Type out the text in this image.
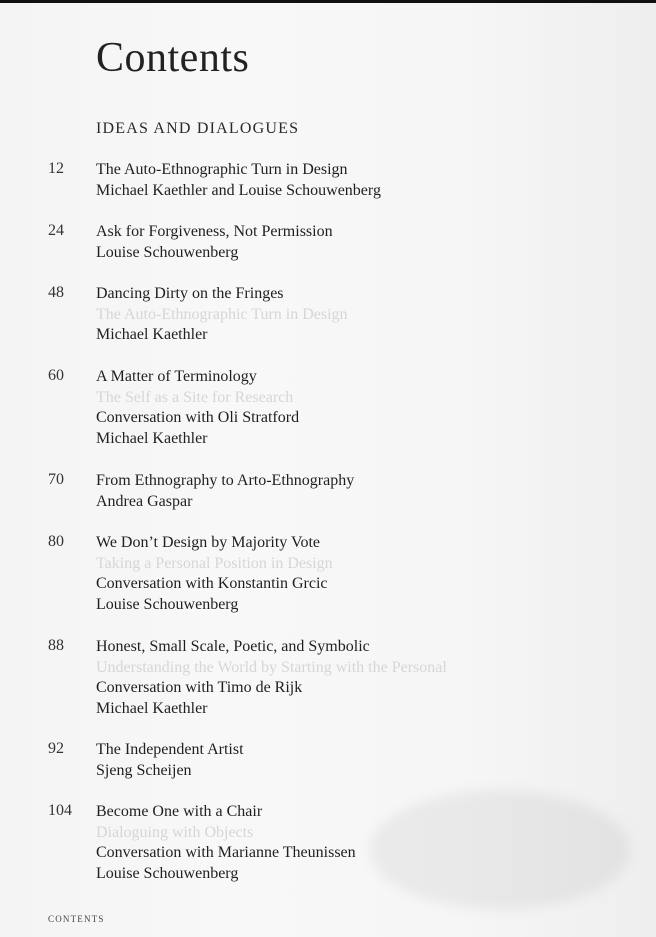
Contents
IDEAS AND DIALOGUES
12 The Auto-Ethnographic Turn in Design
Michael Kaethler and Louise Schouwenberg
24 Ask for Forgiveness, Not Permission
Louise Schouwenberg
48 Dancing Dirty on the Fringes
The Auto-Ethnographic Turn in Design
Michael Kaethler
60 A Matter of Terminology
The Self as a Site for Research
Conversation with Oli Stratford
Michael Kaethler
70 From Ethnography to Arto-Ethnography
Andrea Gaspar
80 We Don’t Design by Majority Vote
Taking a Personal Position in Design
Conversation with Konstantin Grcic
Louise Schouwenberg
88 Honest, Small Scale, Poetic, and Symbolic
Understanding the World by Starting with the Personal
Conversation with Timo de Rijk
Michael Kaethler
92 The Independent Artist
Sjeng Scheijen
104 Become One with a Chair
Dialoguing with Objects
Conversation with Marianne Theunissen
Louise Schouwenberg
CONTENTS
